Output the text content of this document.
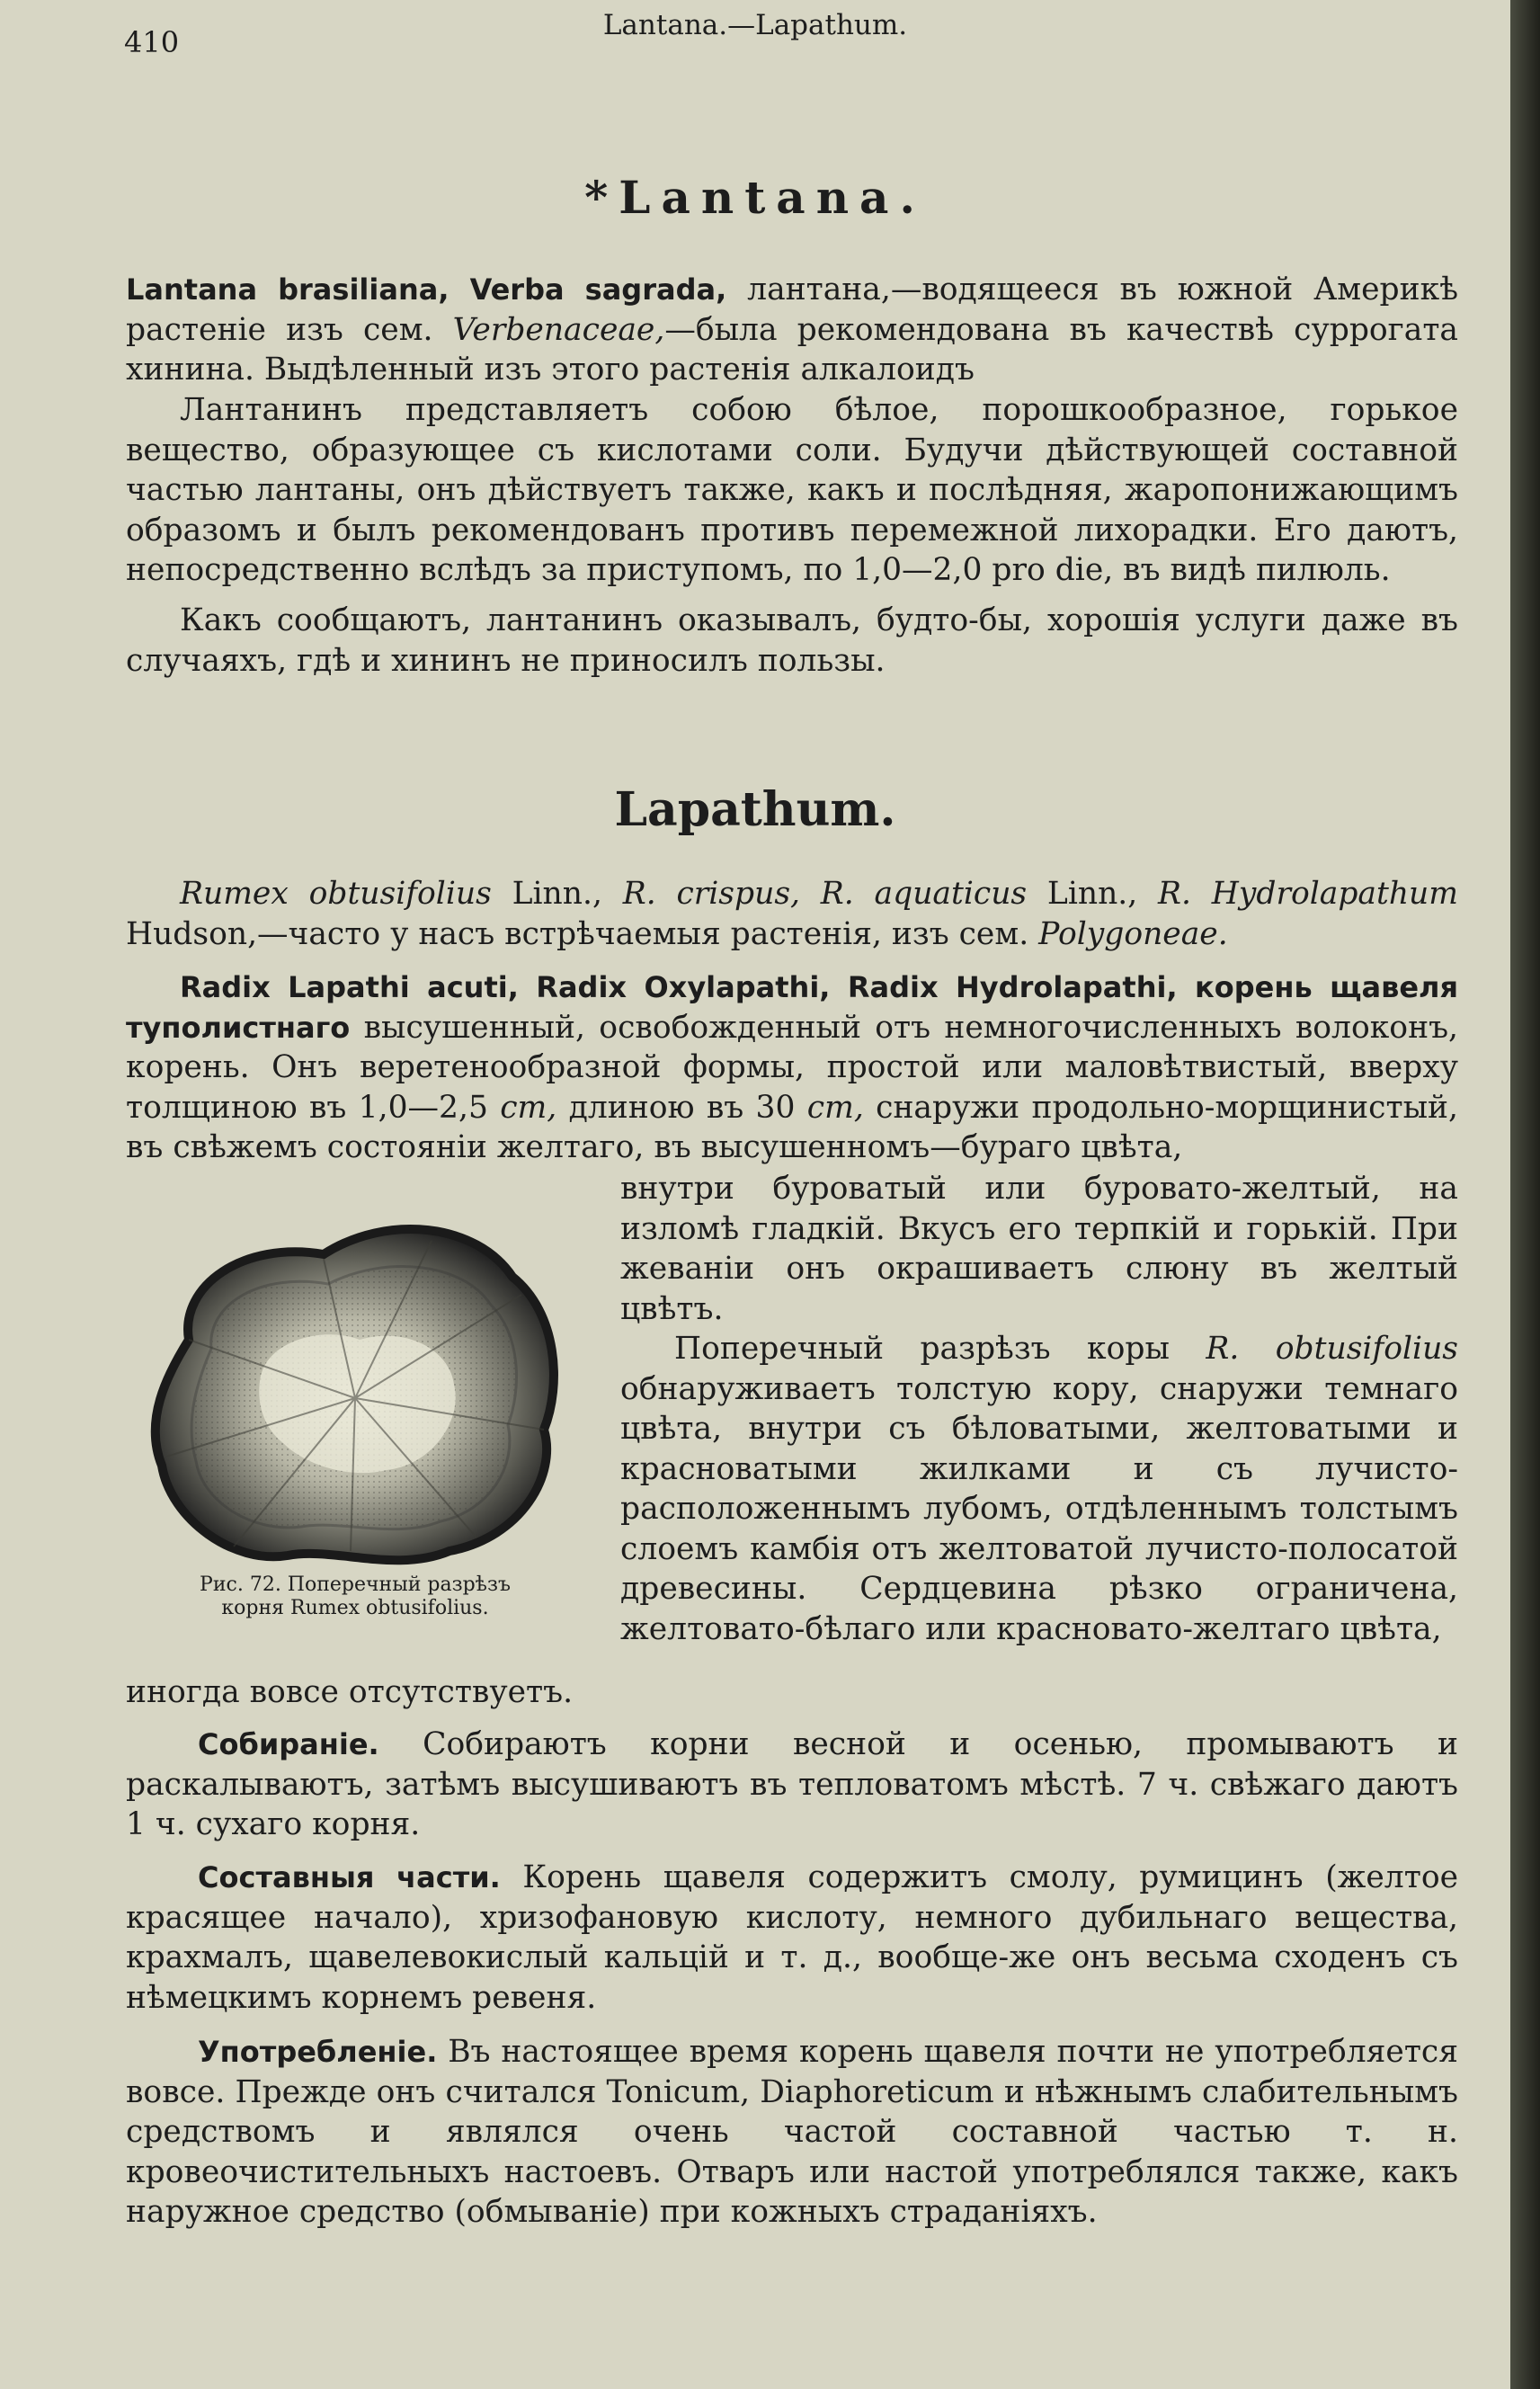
410	Lantana.—Lapathum.
*Lantana.

Lantana brasiliana, Verba sagrada, лантана,—водящееся въ южной Америкѣ растеніе изъ сем. Verbenaceae,—была рекомендована въ качествѣ суррогата хинина. Выдѣленный изъ этого растенія алкалоидъ

Лантанинъ представляетъ собою бѣлое, порошкообразное, горькое вещество, образующее съ кислотами соли. Будучи дѣйствующей составной частью лантаны, онъ дѣйствуетъ также, какъ и послѣдняя, жаропонижающимъ образомъ и былъ рекомендованъ противъ перемежной лихорадки. Его даютъ, непосредственно вслѣдъ за приступомъ, по 1,0—2,0 pro die, въ видѣ пилюль.

Какъ сообщаютъ, лантанинъ оказывалъ, будто-бы, хорошія услуги даже въ случаяхъ, гдѣ и хининъ не приносилъ пользы.

Lapathum.

Rumex obtusifolius Linn., R. crispus, R. aquaticus Linn., R. Hydrolapathum Hudson,—часто у насъ встрѣчаемыя растенія, изъ сем. Polygoneae.

Radix Lapathi acuti, Radix Oxylapathi, Radix Hydrolapathi, корень щавеля туполистнаго высушенный, освобожденный отъ немногочисленныхъ волоконъ, корень. Онъ веретенообразной формы, простой или маловѣтвистый, вверху толщиною въ 1,0—2,5 cm, длиною въ 30 cm, снаружи продольно-морщинистый, въ свѣжемъ состояніи желтаго, въ высушенномъ—бураго цвѣта,

Рис. 72. Поперечный разрѣзъ
корня Rumex obtusifolius.

внутри буроватый или буровато-желтый, на изломѣ гладкій. Вкусъ его терпкій и горькій. При жеваніи онъ окрашиваетъ слюну въ желтый цвѣтъ.

Поперечный разрѣзъ коры R. obtusifolius обнаруживаетъ толстую кору, снаружи темнаго цвѣта, внутри съ бѣловатыми, желтоватыми и красноватыми жилками и съ лучисто-расположеннымъ лубомъ, отдѣленнымъ толстымъ слоемъ камбія отъ желтоватой лучисто-полосатой древесины. Сердцевина рѣзко ограничена, желтовато-бѣлаго или красновато-желтаго цвѣта,

иногда вовсе отсутствуетъ.

Собираніе. Собираютъ корни весной и осенью, промываютъ и раскалываютъ, затѣмъ высушиваютъ въ тепловатомъ мѣстѣ. 7 ч. свѣжаго даютъ 1 ч. сухаго корня.

Составныя части. Корень щавеля содержитъ смолу, румицинъ (желтое красящее начало), хризофановую кислоту, немного дубильнаго вещества, крахмалъ, щавелевокислый кальцій и т. д., вообще-же онъ весьма сходенъ съ нѣмецкимъ корнемъ ревеня.

Употребленіе. Въ настоящее время корень щавеля почти не употребляется вовсе. Прежде онъ считался Tonicum, Diaphoreticum и нѣжнымъ слабительнымъ средствомъ и являлся очень частой составной частью т. н. кровеочистительныхъ настоевъ. Отваръ или настой употреблялся также, какъ наружное средство (обмываніе) при кожныхъ страданіяхъ.
